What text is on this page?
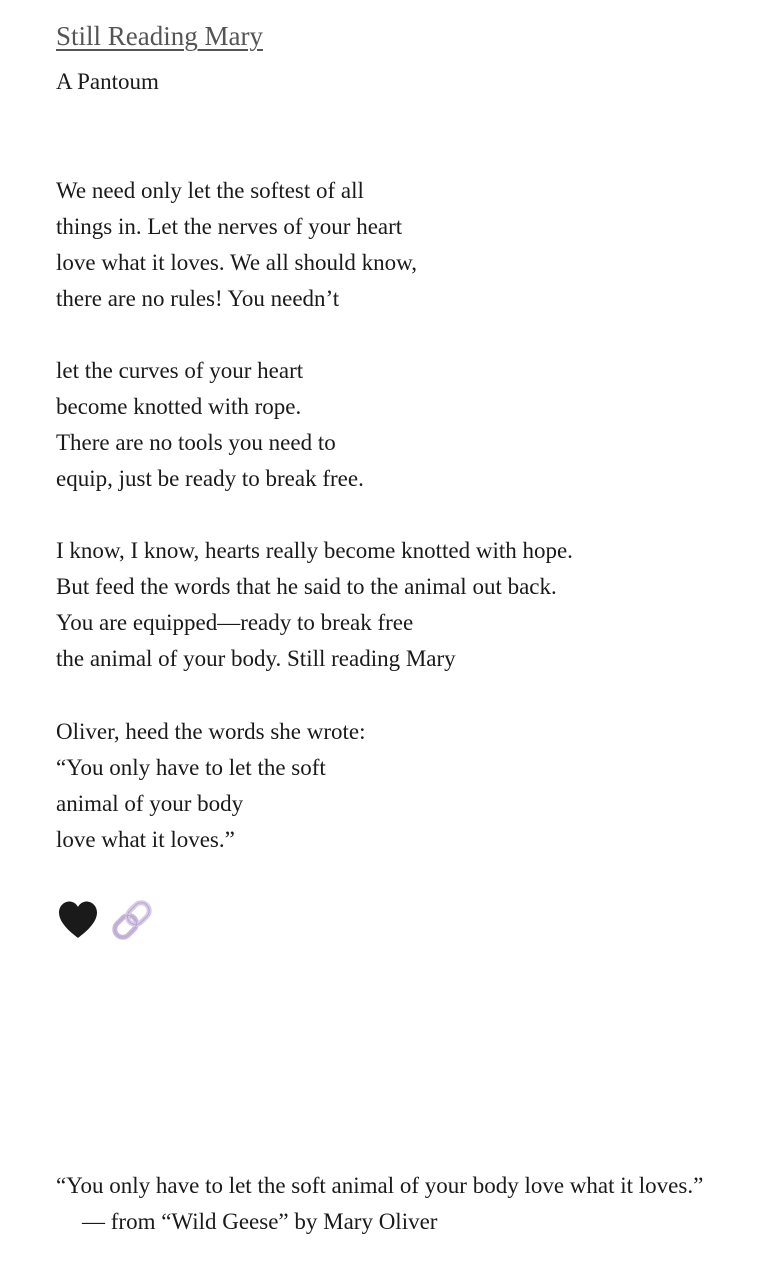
Still Reading Mary
A Pantoum
We need only let the softest of all
things in. Let the nerves of your heart
love what it loves. We all should know,
there are no rules! You needn’t
let the curves of your heart
become knotted with rope.
There are no tools you need to
equip, just be ready to break free.
I know, I know, hearts really become knotted with hope.
But feed the words that he said to the animal out back.
You are equipped—ready to break free
the animal of your body. Still reading Mary
Oliver, heed the words she wrote:
“You only have to let the soft
animal of your body
love what it loves.”
“You only have to let the soft animal of your body love what it loves.”
— from “Wild Geese” by Mary Oliver
